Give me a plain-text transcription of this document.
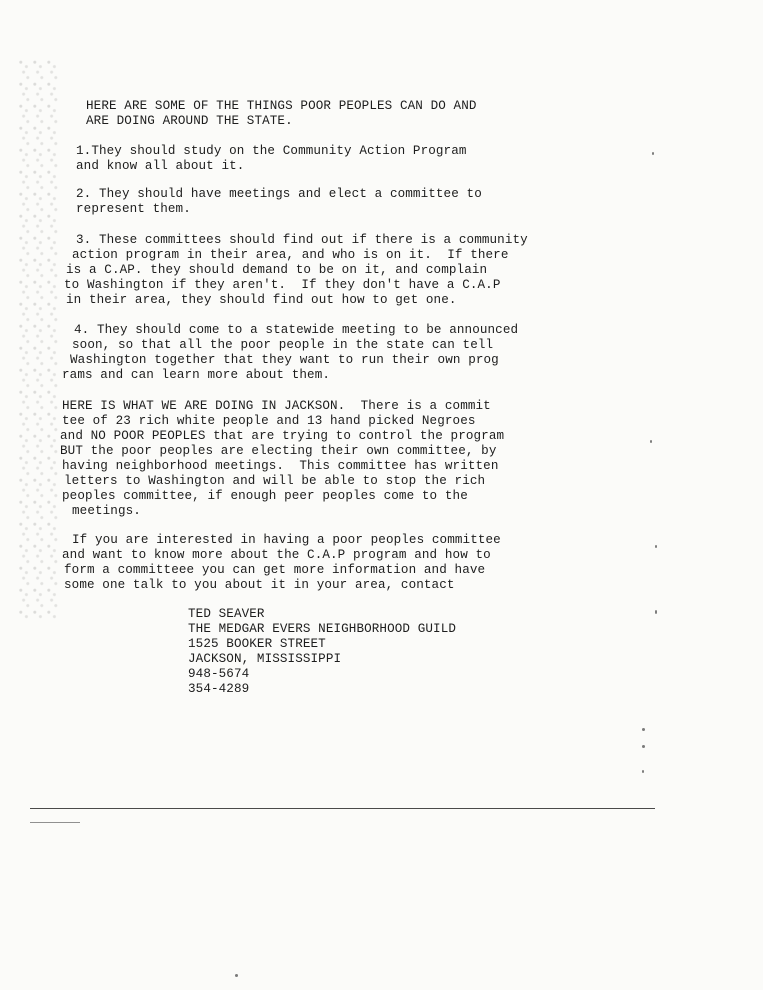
HERE ARE SOME OF THE THINGS POOR PEOPLES CAN DO AND

ARE DOING AROUND THE STATE.

1.They should study on the Community Action Program

and know all about it.

2. They should have meetings and elect a committee to

represent them.

3. These committees should find out if there is a community

action program in their area, and who is on it.  If there

is a C.AP. they should demand to be on it, and complain

to Washington if they aren't.  If they don't have a C.A.P

in their area, they should find out how to get one.

4. They should come to a statewide meeting to be announced

soon, so that all the poor people in the state can tell

Washington together that they want to run their own prog

rams and can learn more about them.

HERE IS WHAT WE ARE DOING IN JACKSON.  There is a commit

tee of 23 rich white people and 13 hand picked Negroes

and NO POOR PEOPLES that are trying to control the program

BUT the poor peoples are electing their own committee, by

having neighborhood meetings.  This committee has written

letters to Washington and will be able to stop the rich

peoples committee, if enough peer peoples come to the

meetings.

If you are interested in having a poor peoples committee

and want to know more about the C.A.P program and how to

form a committeee you can get more information and have

some one talk to you about it in your area, contact

TED SEAVER

THE MEDGAR EVERS NEIGHBORHOOD GUILD

1525 BOOKER STREET

JACKSON, MISSISSIPPI

948-5674

354-4289
